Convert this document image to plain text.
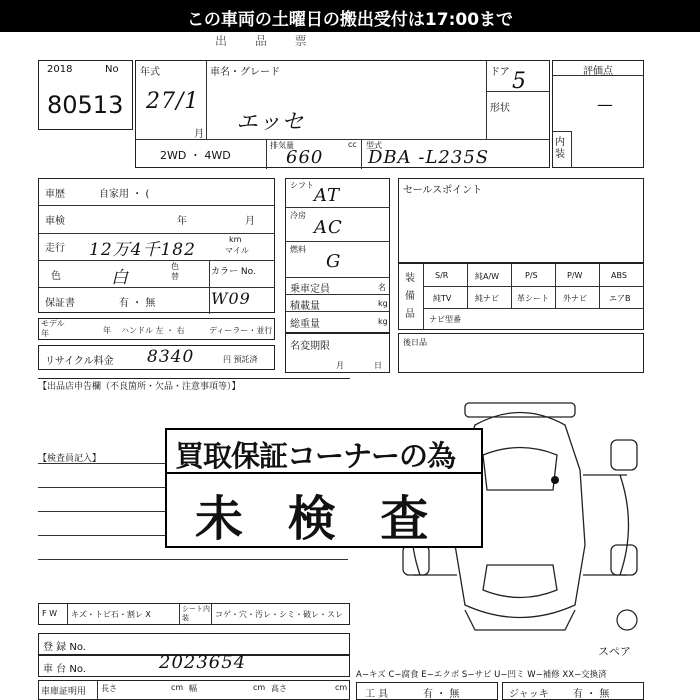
この車両の土曜日の搬出受付は17:00まで
出 品 票
2018	No
80513
年式
27/1
月
車名・グレード
エッセ
ドア 5
形状
2WD ・ 4WD
排気量
660
cc 型式
DBA -L235S
評価点
—
内装
車歴	自家用 ・ (
車検	年	月
走行 12万4千182
km
マイル
色	白
色替	カラー No.
W09
保証書	有 ・ 無
シフト AT
冷房
AC
燃料
G
乗車定員	名
積載量	kg
総重量	kg
セールスポイント
装備品
S/R	純A/W	P/S	P/W	ABS
純TV	純ナビ 革シート 外ナビ	エアB
ナビ型番
モデル年	年 ハンドル 左 ・ 右	ディーラー・並行
リサイクル料金 8340	円 預託済
名変期限
月	日
後日品
【出品店申告欄（不良箇所・欠品・注意事項等）】
【検査員記入】
スペア
買取保証コーナーの為
未 検 査
F W キズ・トビ石・割レ X
シート内装	コゲ・穴・汚レ・シミ・破レ・スレ
登 録 No.
車 台 No.	2023654
車庫証明用 長さ	cm 幅	cm 高さ	cm
A−キズ C−腐食 E−エクボ S−サビ U−凹ミ W−補修 XX−交換済
工 具	有 ・ 無	ジャッキ 有 ・ 無
